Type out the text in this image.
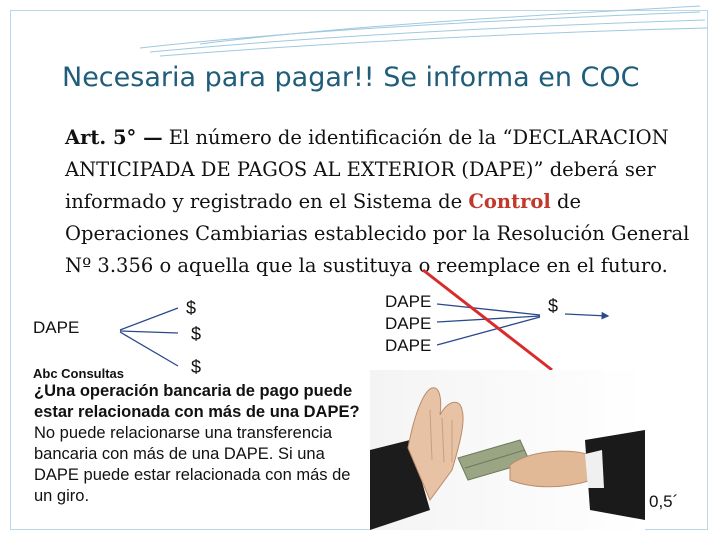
Necesaria para pagar!! Se informa en COC
Art. 5° — El número de identificación de la “DECLARACION ANTICIPADA DE PAGOS AL EXTERIOR (DAPE)” deberá ser informado y registrado en el Sistema de Control de Operaciones Cambiarias establecido por la Resolución General Nº 3.356 o aquella que la sustituya o reemplace en el futuro.
DAPE
$
$
$
DAPE
DAPE
DAPE
$
Abc Consultas
¿Una operación bancaria de pago puede estar relacionada con más de una DAPE?
No puede relacionarse una transferencia bancaria con más de una DAPE. Si una DAPE puede estar relacionada con más de un giro.	0,5´
